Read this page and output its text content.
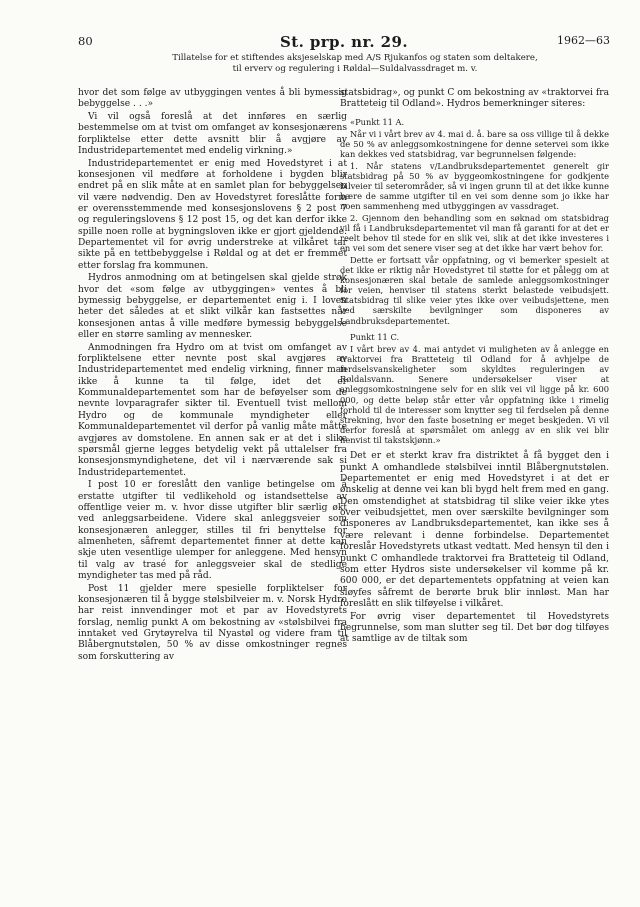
80	St. prp. nr. 29.	1962—63
Tillatelse for et stiftendes aksjeselskap med A/S Rjukanfos og staten som deltakere,
til erverv og regulering i Røldal—Suldalvassdraget m. v.

hvor det som følge av utbyggingen ventes å bli bymessig bebyggelse . . .»

Vi vil også foreslå at det innføres en særlig bestemmelse om at tvist om omfanget av konsesjonærens forpliktelse etter dette avsnitt blir å avgjøre av Industridepartementet med endelig virkning.»

Industridepartementet er enig med Hovedstyret i at konsesjonen vil medføre at forholdene i bygden blir endret på en slik måte at en samlet plan for bebyggelsen vil være nødvendig. Den av Hovedstyret foreslåtte form er overensstemmende med konsesjonslovens § 2 post 7 og reguleringslovens § 12 post 15, og det kan derfor ikke spille noen rolle at bygningsloven ikke er gjort gjeldende. Departementet vil for øvrig understreke at vilkåret tar sikte på en tettbebyggelse i Røldal og at det er fremmet etter forslag fra kommunen.

Hydros anmodning om at betingelsen skal gjelde strøk hvor det «som følge av utbyggingen» ventes å bli bymessig bebyggelse, er departementet enig i. I loven heter det således at et slikt vilkår kan fastsettes når konsesjonen antas å ville medføre bymessig bebyggelse eller en større samling av mennesker.

Anmodningen fra Hydro om at tvist om omfanget av forpliktelsene etter nevnte post skal avgjøres av Industridepartementet med endelig virkning, finner man ikke å kunne ta til følge, idet det er Kommunaldepartementet som har de beføyelser som de nevnte lovparagrafer sikter til. Eventuell tvist mellom Hydro og de kommunale myndigheter eller Kommunaldepartementet vil derfor på vanlig måte måtte avgjøres av domstolene. En annen sak er at det i slike spørsmål gjerne legges betydelig vekt på uttalelser fra konsesjonsmyndighetene, det vil i nærværende sak si Industridepartementet.

I post 10 er foreslått den vanlige betingelse om å erstatte utgifter til vedlikehold og istandsettelse av offentlige veier m. v. hvor disse utgifter blir særlig økt ved anleggsarbeidene. Videre skal anleggsveier som konsesjonæren anlegger, stilles til fri benyttelse for almenheten, såfremt departementet finner at dette kan skje uten vesentlige ulemper for anleggene. Med hensyn til valg av trasé for anleggsveier skal de stedlige myndigheter tas med på råd.

Post 11 gjelder mere spesielle forpliktelser for konsesjonæren til å bygge stølsbilveier m. v. Norsk Hydro har reist innvendinger mot et par av Hovedstyrets forslag, nemlig punkt A om bekostning av «stølsbilvei fra inntaket ved Grytøyrelva til Nyastøl og videre fram til Blåbergnutstølen, 50 % av disse omkostninger regnes som forskuttering av

statsbidrag», og punkt C om bekostning av «traktorvei fra Bratteteig til Odland». Hydros bemerkninger siteres:

«Punkt 11 A.

Når vi i vårt brev av 4. mai d. å. bare sa oss villige til å dekke de 50 % av anleggsomkostningene for denne setervei som ikke kan dekkes ved statsbidrag, var begrunnelsen følgende:

1. Når statens v/Landbruksdepartementet generelt gir statsbidrag på 50 % av byggeomkostningene for godkjente bilveier til seterområder, så vi ingen grunn til at det ikke kunne bære de samme utgifter til en vei som denne som jo ikke har noen sammenheng med utbyggingen av vassdraget.

2. Gjennom den behandling som en søknad om statsbidrag vil få i Landbruksdepartementet vil man få garanti for at det er reelt behov til stede for en slik vei, slik at det ikke investeres i en vei som det senere viser seg at det ikke har vært behov for.

Dette er fortsatt vår oppfatning, og vi bemerker spesielt at det ikke er riktig når Hovedstyret til støtte for et pålegg om at konsesjonæren skal betale de samlede anleggsomkostninger for veien, henviser til statens sterkt belastede veibudsjett. Statsbidrag til slike veier ytes ikke over veibudsjettene, men ved særskilte bevilgninger som disponeres av Landbruksdepartementet.

Punkt 11 C.

I vårt brev av 4. mai antydet vi muligheten av å anlegge en traktorvei fra Bratteteig til Odland for å avhjelpe de ferdselsvanskeligheter som skyldtes reguleringen av Røldalsvann. Senere undersøkelser viser at anleggsomkostningene selv for en slik vei vil ligge på kr. 600 000, og dette beløp står etter vår oppfatning ikke i rimelig forhold til de interesser som knytter seg til ferdselen på denne strekning, hvor den faste bosetning er meget beskjeden. Vi vil derfor foreslå at spørsmålet om anlegg av en slik vei blir henvist til takstskjønn.»

Det er et sterkt krav fra distriktet å få bygget den i punkt A omhandlede stølsbilvei inntil Blåbergnutstølen. Departementet er enig med Hovedstyret i at det er ønskelig at denne vei kan bli bygd helt frem med en gang. Den omstendighet at statsbidrag til slike veier ikke ytes over veibudsjettet, men over særskilte bevilgninger som disponeres av Landbruksdepartementet, kan ikke ses å være relevant i denne forbindelse. Departementet foreslår Hovedstyrets utkast vedtatt. Med hensyn til den i punkt C omhandlede traktorvei fra Bratteteig til Odland, som etter Hydros siste undersøkelser vil komme på kr. 600 000, er det departementets oppfatning at veien kan sløyfes såfremt de berørte bruk blir innløst. Man har foreslått en slik tilføyelse i vilkåret.

For øvrig viser departementet til Hovedstyrets begrunnelse, som man slutter seg til. Det bør dog tilføyes at samtlige av de tiltak som
